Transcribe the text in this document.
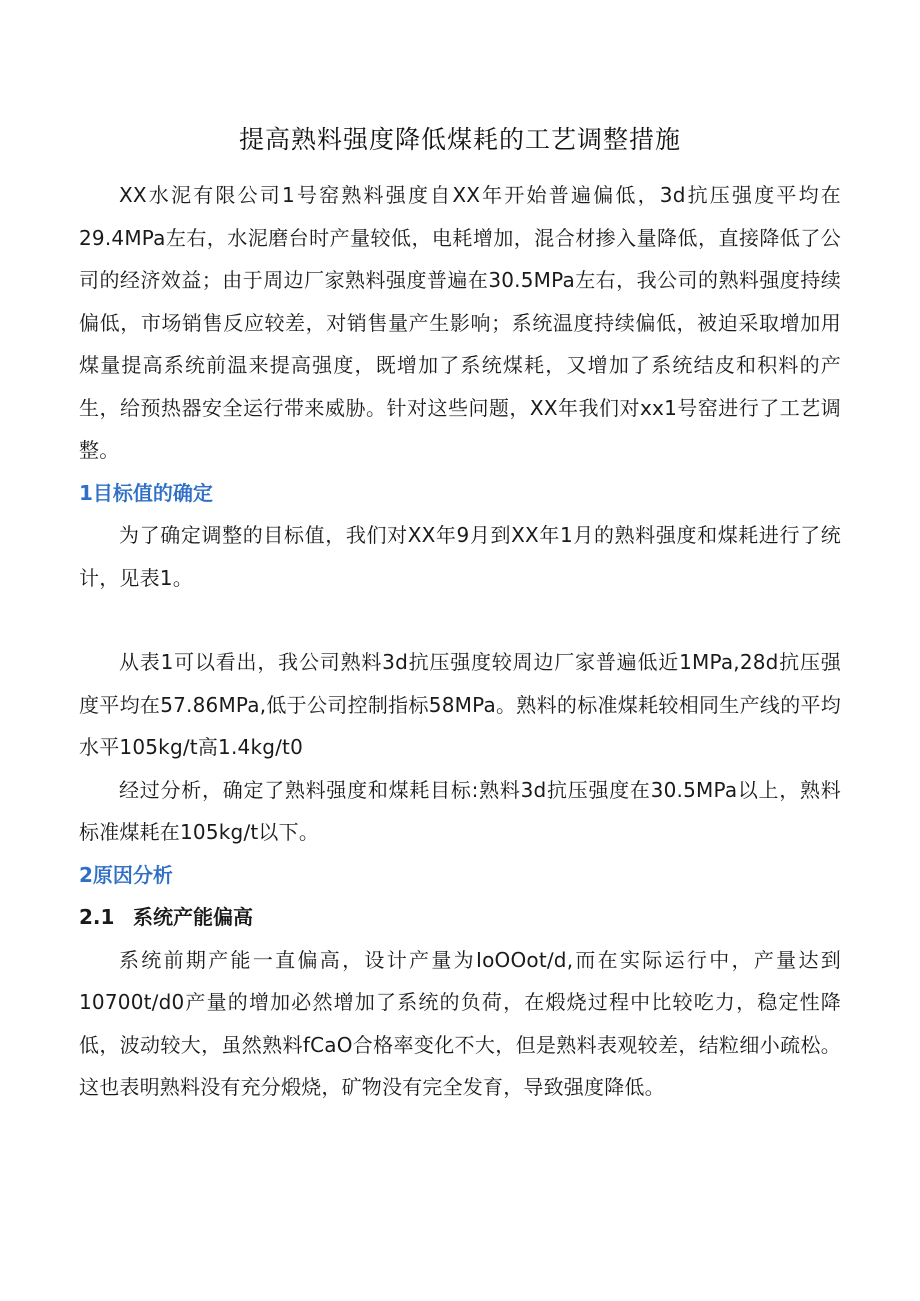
提高熟料强度降低煤耗的工艺调整措施

XX水泥有限公司1号窑熟料强度自XX年开始普遍偏低，3d抗压强度平均在29.4MPa左右，水泥磨台时产量较低，电耗增加，混合材掺入量降低，直接降低了公司的经济效益；由于周边厂家熟料强度普遍在30.5MPa左右，我公司的熟料强度持续偏低，市场销售反应较差，对销售量产生影响；系统温度持续偏低，被迫采取增加用煤量提高系统前温来提高强度，既增加了系统煤耗，又增加了系统结皮和积料的产生，给预热器安全运行带来威胁。针对这些问题，XX年我们对xx1号窑进行了工艺调整。

1目标值的确定

为了确定调整的目标值，我们对XX年9月到XX年1月的熟料强度和煤耗进行了统计，见表1。

从表1可以看出，我公司熟料3d抗压强度较周边厂家普遍低近1MPa,28d抗压强度平均在57.86MPa,低于公司控制指标58MPa。熟料的标准煤耗较相同生产线的平均水平105kg∕t高1.4kg∕t0

经过分析，确定了熟料强度和煤耗目标:熟料3d抗压强度在30.5MPa以上，熟料标准煤耗在105kg∕t以下。

2原因分析
2.1 系统产能偏高

系统前期产能一直偏高，设计产量为IoOOot∕d,而在实际运行中，产量达到10700t∕d0产量的增加必然增加了系统的负荷，在煅烧过程中比较吃力，稳定性降低，波动较大，虽然熟料fCaO合格率变化不大，但是熟料表观较差，结粒细小疏松。这也表明熟料没有充分煅烧，矿物没有完全发育，导致强度降低。
